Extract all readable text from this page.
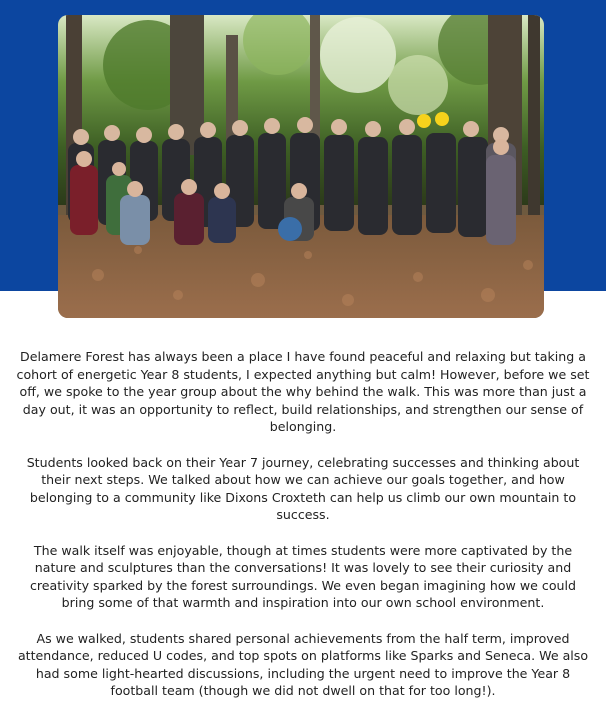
Delamere Forest has always been a place I have found peaceful and relaxing but taking a cohort of energetic Year 8 students, I expected anything but calm! However, before we set off, we spoke to the year group about the why behind the walk. This was more than just a day out, it was an opportunity to reflect, build relationships, and strengthen our sense of belonging.

Students looked back on their Year 7 journey, celebrating successes and thinking about their next steps. We talked about how we can achieve our goals together, and how belonging to a community like Dixons Croxteth can help us climb our own mountain to success.

The walk itself was enjoyable, though at times students were more captivated by the nature and sculptures than the conversations! It was lovely to see their curiosity and creativity sparked by the forest surroundings. We even began imagining how we could bring some of that warmth and inspiration into our own school environment.

As we walked, students shared personal achievements from the half term, improved attendance, reduced U codes, and top spots on platforms like Sparks and Seneca. We also had some light-hearted discussions, including the urgent need to improve the Year 8 football team (though we did not dwell on that for too long!).
